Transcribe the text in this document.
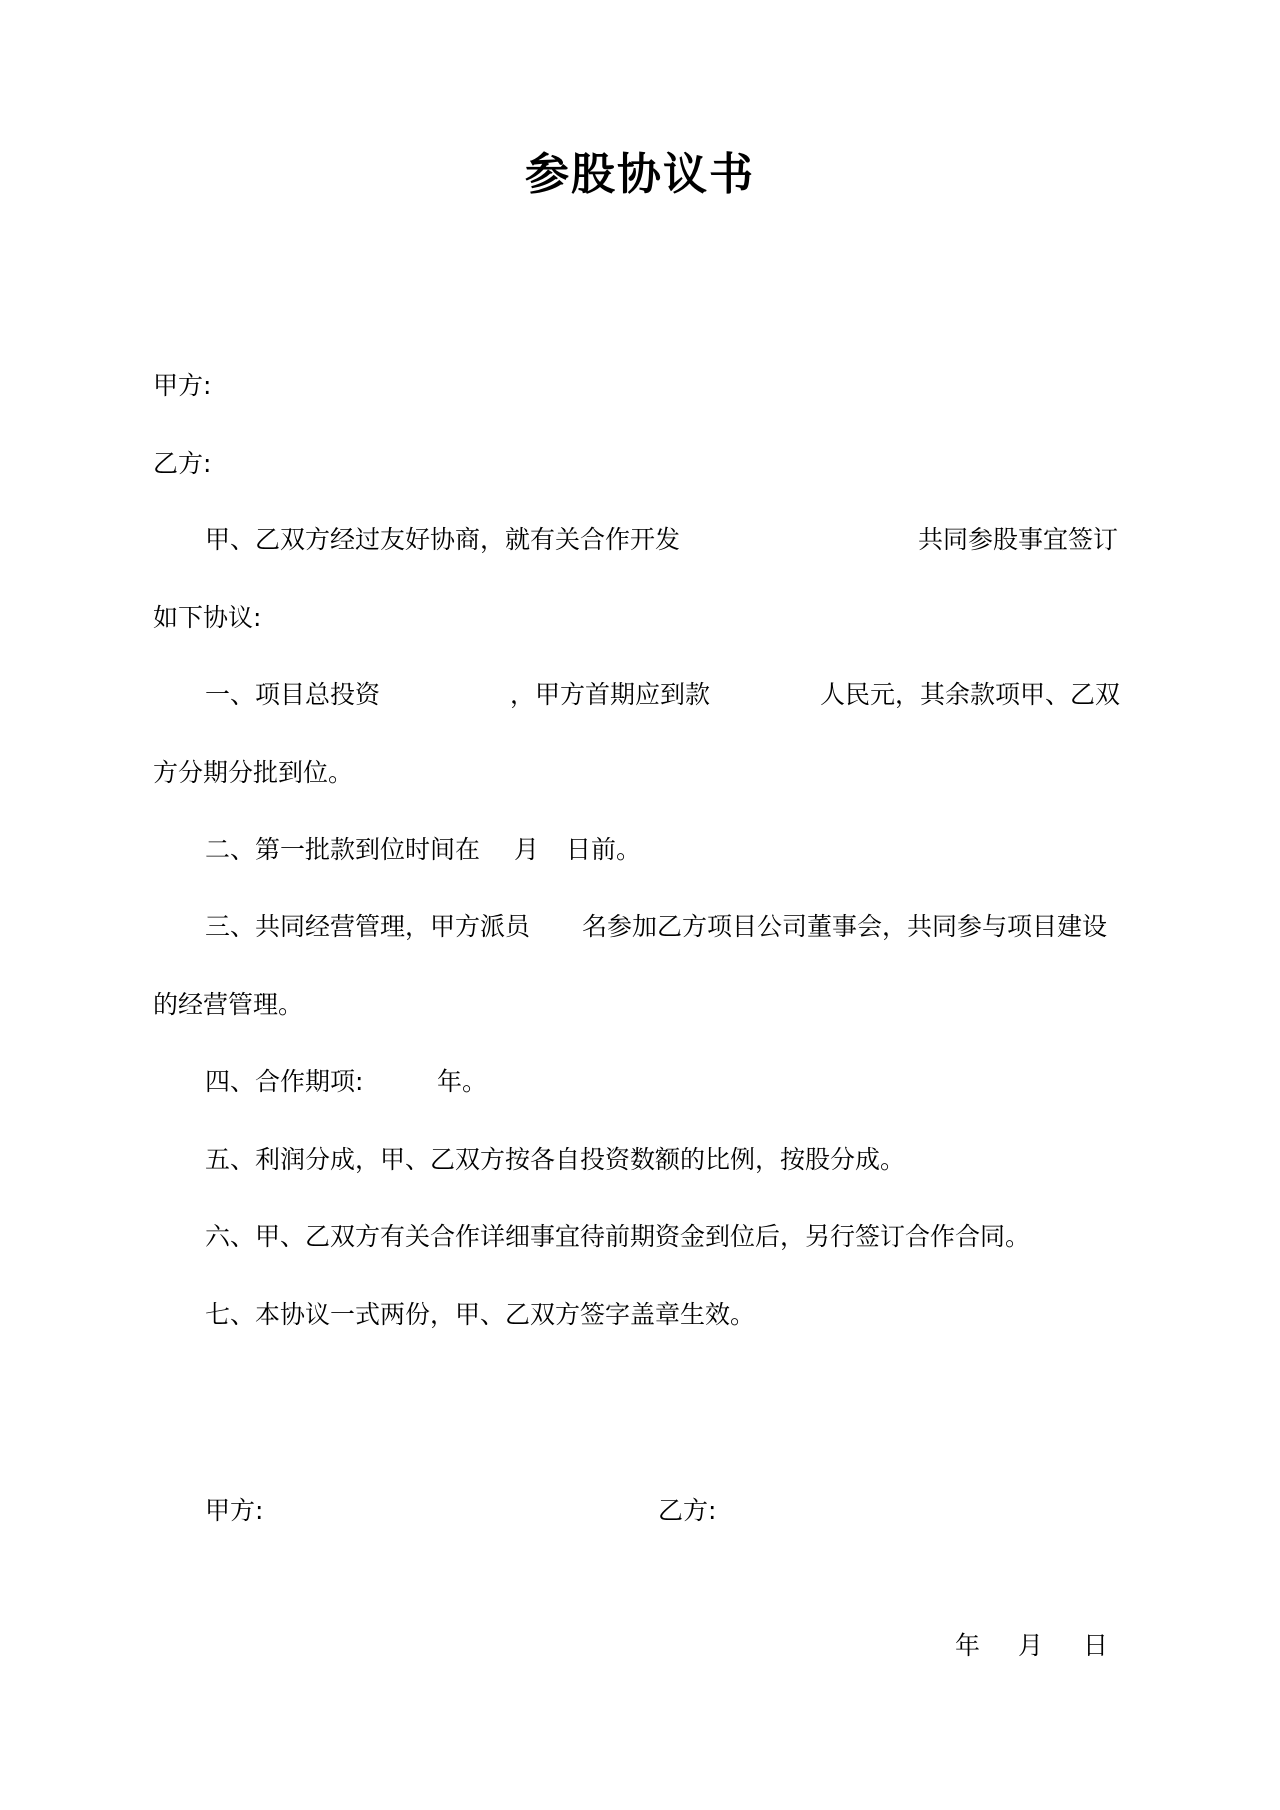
参股协议书
甲方:
乙方:
甲、乙双方经过友好协商，就有关合作开发	共同参股事宜签订
如下协议:
一、项目总投资	，甲方首期应到款	人民元，其余款项甲、乙双
方分期分批到位。
二、第一批款到位时间在 月 日前。
三、共同经营管理，甲方派员 名参加乙方项目公司董事会，共同参与项目建设
的经营管理。
四、合作期项:	年。
五、利润分成，甲、乙双方按各自投资数额的比例，按股分成。
六、甲、乙双方有关合作详细事宜待前期资金到位后，另行签订合作合同。
七、本协议一式两份，甲、乙双方签字盖章生效。
甲方:	乙方:
年 月 日
